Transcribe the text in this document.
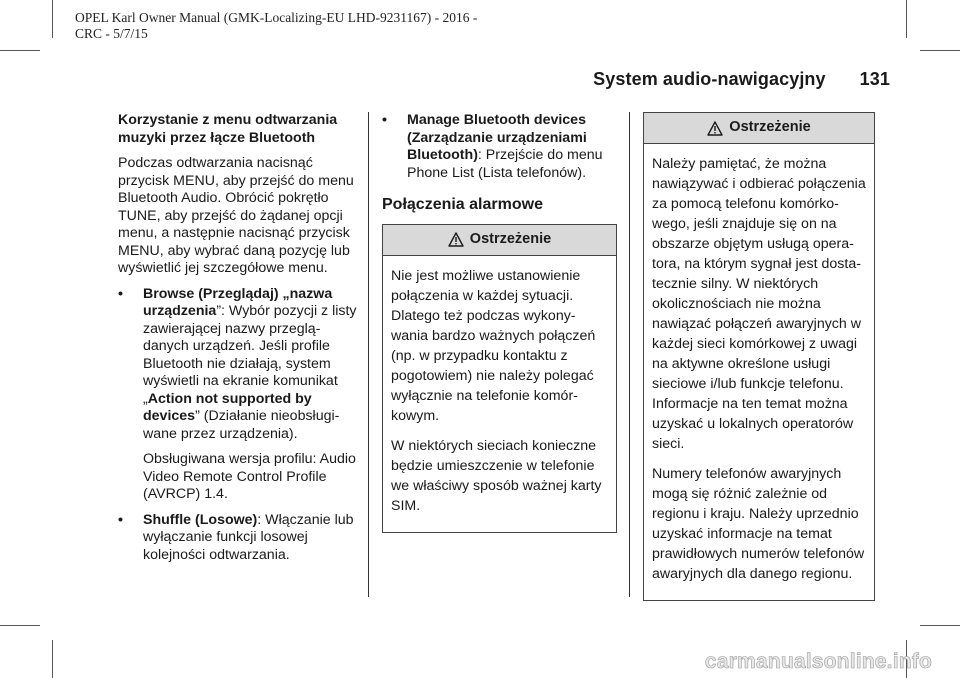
OPEL Karl Owner Manual (GMK-Localizing-EU LHD-9231167) - 2016 -
CRC - 5/7/15
System audio-nawigacyjny 131
Korzystanie z menu odtwarzania muzyki przez łącze Bluetooth

Podczas odtwarzania nacisnąć przycisk MENU, aby przejść do menu Bluetooth Audio. Obrócić pokrętło TUNE, aby przejść do żądanej opcji menu, a następnie nacisnąć przycisk MENU, aby wybrać daną pozycję lub wyświetlić jej szczegółowe menu.

• Browse (Przeglądaj) „nazwa urządzenia”: Wybór pozycji z listy zawierającej nazwy przeglą-danych urządzeń. Jeśli profile Bluetooth nie działają, system wyświetli na ekranie komunikat „Action not supported by devices” (Działanie nieobsługi-wane przez urządzenia).
Obsługiwana wersja profilu: Audio Video Remote Control Profile (AVRCP) 1.4.
• Shuffle (Losowe): Włączanie lub wyłączanie funkcji losowej kolejności odtwarzania.
• Manage Bluetooth devices (Zarządzanie urządzeniami Bluetooth): Przejście do menu Phone List (Lista telefonów).
Połączenia alarmowe
Ostrzeżenie

Nie jest możliwe ustanowienie połączenia w każdej sytuacji. Dlatego też podczas wykony-wania bardzo ważnych połączeń (np. w przypadku kontaktu z pogotowiem) nie należy polegać wyłącznie na telefonie komór-kowym.

W niektórych sieciach konieczne będzie umieszczenie w telefonie we właściwy sposób ważnej karty SIM.

Ostrzeżenie

Należy pamiętać, że można nawiązywać i odbierać połączenia za pomocą telefonu komórko-wego, jeśli znajduje się on na obszarze objętym usługą opera-tora, na którym sygnał jest dosta-tecznie silny. W niektórych okolicznościach nie można nawiązać połączeń awaryjnych w każdej sieci komórkowej z uwagi na aktywne określone usługi sieciowe i/lub funkcje telefonu. Informacje na ten temat można uzyskać u lokalnych operatorów sieci.

Numery telefonów awaryjnych mogą się różnić zależnie od regionu i kraju. Należy uprzednio uzyskać informacje na temat prawidłowych numerów telefonów awaryjnych dla danego regionu.

carmanualsonline.info
